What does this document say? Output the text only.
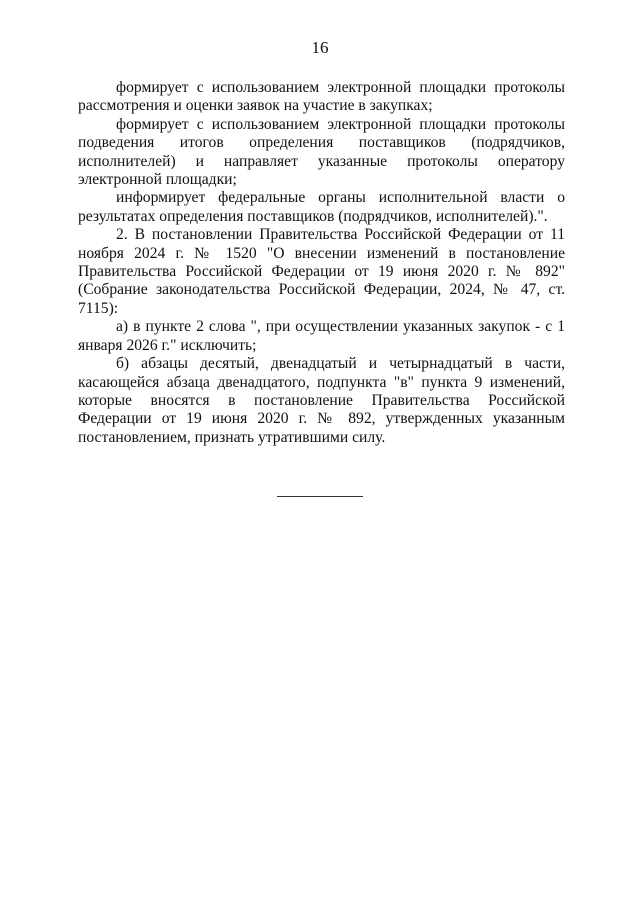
16

формирует с использованием электронной площадки протоколы рассмотрения и оценки заявок на участие в закупках;

формирует с использованием электронной площадки протоколы подведения итогов определения поставщиков (подрядчиков, исполнителей) и направляет указанные протоколы оператору электронной площадки;

информирует федеральные органы исполнительной власти о результатах определения поставщиков (подрядчиков, исполнителей).".

2. В постановлении Правительства Российской Федерации от 11 ноября 2024 г. № 1520 "О внесении изменений в постановление Правительства Российской Федерации от 19 июня 2020 г. № 892" (Собрание законодательства Российской Федерации, 2024, № 47, ст. 7115):

а) в пункте 2 слова ", при осуществлении указанных закупок - с 1 января 2026 г." исключить;

б) абзацы десятый, двенадцатый и четырнадцатый в части, касающейся абзаца двенадцатого, подпункта "в" пункта 9 изменений, которые вносятся в постановление Правительства Российской Федерации от 19 июня 2020 г. № 892, утвержденных указанным постановлением, признать утратившими силу.
